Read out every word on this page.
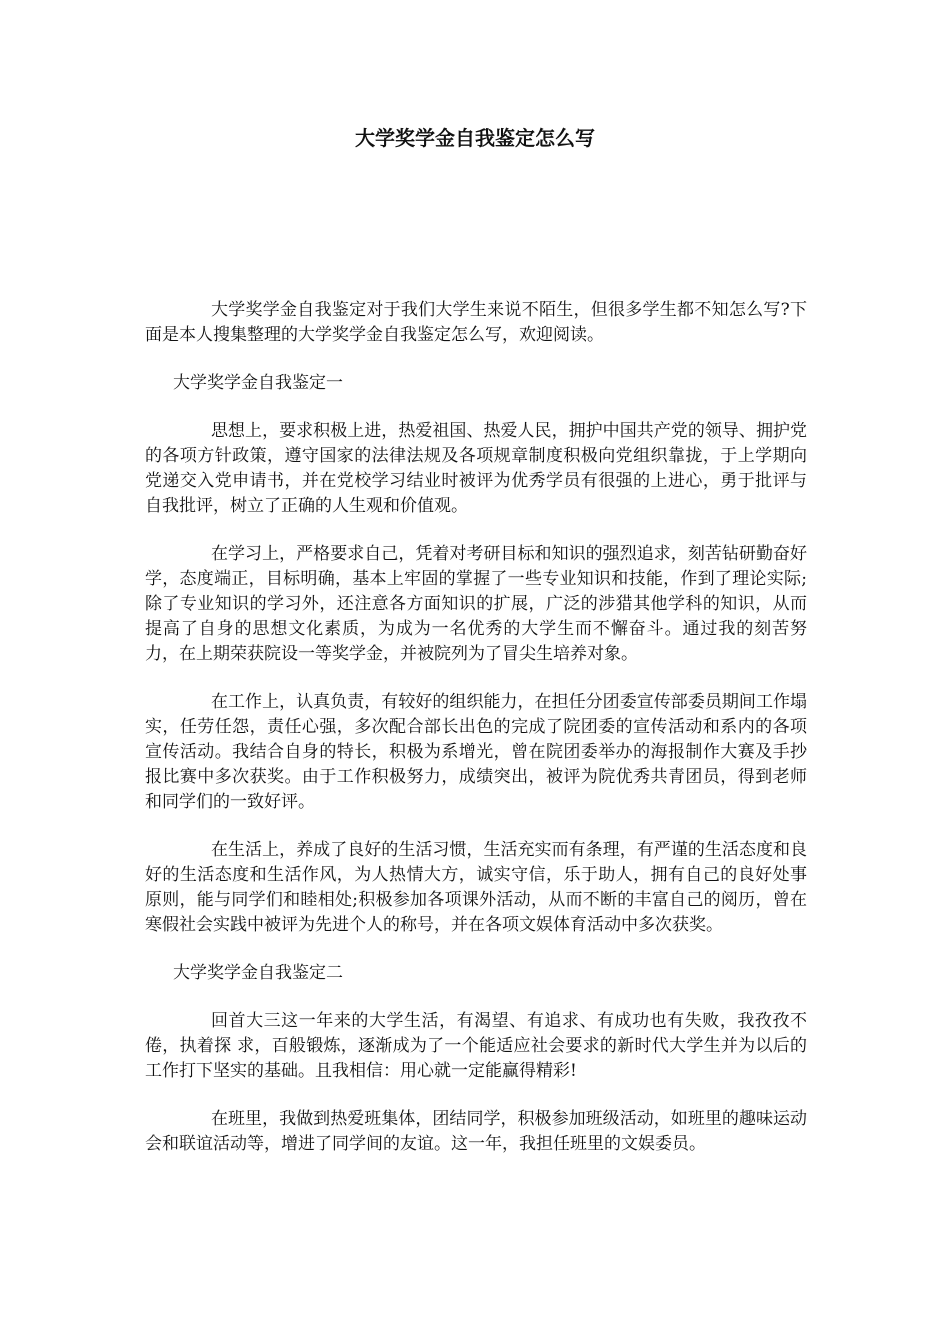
大学奖学金自我鉴定怎么写

大学奖学金自我鉴定对于我们大学生来说不陌生，但很多学生都不知怎么写?下面是本人搜集整理的大学奖学金自我鉴定怎么写，欢迎阅读。

大学奖学金自我鉴定一

思想上，要求积极上进，热爱祖国、热爱人民，拥护中国共产党的领导、拥护党的各项方针政策，遵守国家的法律法规及各项规章制度积极向党组织靠拢，于上学期向党递交入党申请书，并在党校学习结业时被评为优秀学员有很强的上进心，勇于批评与自我批评，树立了正确的人生观和价值观。

在学习上，严格要求自己，凭着对考研目标和知识的强烈追求，刻苦钻研勤奋好学，态度端正，目标明确，基本上牢固的掌握了一些专业知识和技能，作到了理论实际;除了专业知识的学习外，还注意各方面知识的扩展，广泛的涉猎其他学科的知识，从而提高了自身的思想文化素质，为成为一名优秀的大学生而不懈奋斗。通过我的刻苦努力，在上期荣获院设一等奖学金，并被院列为了冒尖生培养对象。

在工作上，认真负责，有较好的组织能力，在担任分团委宣传部委员期间工作塌实，任劳任怨，责任心强，多次配合部长出色的完成了院团委的宣传活动和系内的各项宣传活动。我结合自身的特长，积极为系增光，曾在院团委举办的海报制作大赛及手抄报比赛中多次获奖。由于工作积极努力，成绩突出，被评为院优秀共青团员，得到老师和同学们的一致好评。

在生活上，养成了良好的生活习惯，生活充实而有条理，有严谨的生活态度和良好的生活态度和生活作风，为人热情大方，诚实守信，乐于助人，拥有自己的良好处事原则，能与同学们和睦相处;积极参加各项课外活动，从而不断的丰富自己的阅历，曾在寒假社会实践中被评为先进个人的称号，并在各项文娱体育活动中多次获奖。

大学奖学金自我鉴定二

回首大三这一年来的大学生活，有渴望、有追求、有成功也有失败，我孜孜不倦，执着探 求，百般锻炼，逐渐成为了一个能适应社会要求的新时代大学生并为以后的工作打下坚实的基础。且我相信：用心就一定能赢得精彩!

在班里，我做到热爱班集体，团结同学，积极参加班级活动，如班里的趣味运动会和联谊活动等，增进了同学间的友谊。这一年，我担任班里的文娱委员。
